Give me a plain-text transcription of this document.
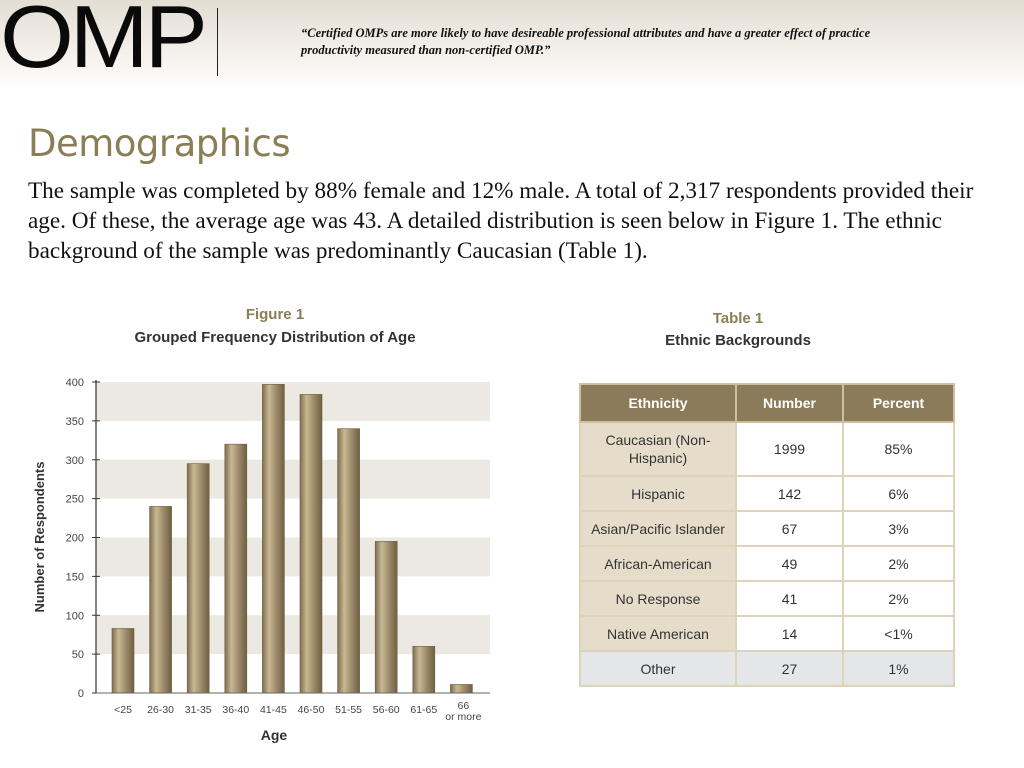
OMP	“Certified OMPs are more likely to have desireable professional attributes and have a greater effect of practice productivity measured than non-certified OMP.”
Demographics
The sample was completed by 88% female and 12% male. A total of 2,317 respondents provided their age. Of these, the average age was 43. A detailed distribution is seen below in Figure 1. The ethnic background of the sample was predominantly Caucasian (Table 1).
Figure 1
Grouped Frequency Distribution of Age
0
50
100
150
200
250
300
350
400
<25 26-30 31-35 36-40 41-45 46-50 51-55 56-60 61-65 66
or more
Number of Respondents
Age
Table 1
Ethnic Backgrounds
Ethnicity	Number	Percent

Caucasian (Non-Hispanic)	1999	85%
Hispanic	142	6%
Asian/Pacific Islander	67	3%
African-American	49	2%
No Response	41	2%
Native American	14	<1%
Other	27	1%
